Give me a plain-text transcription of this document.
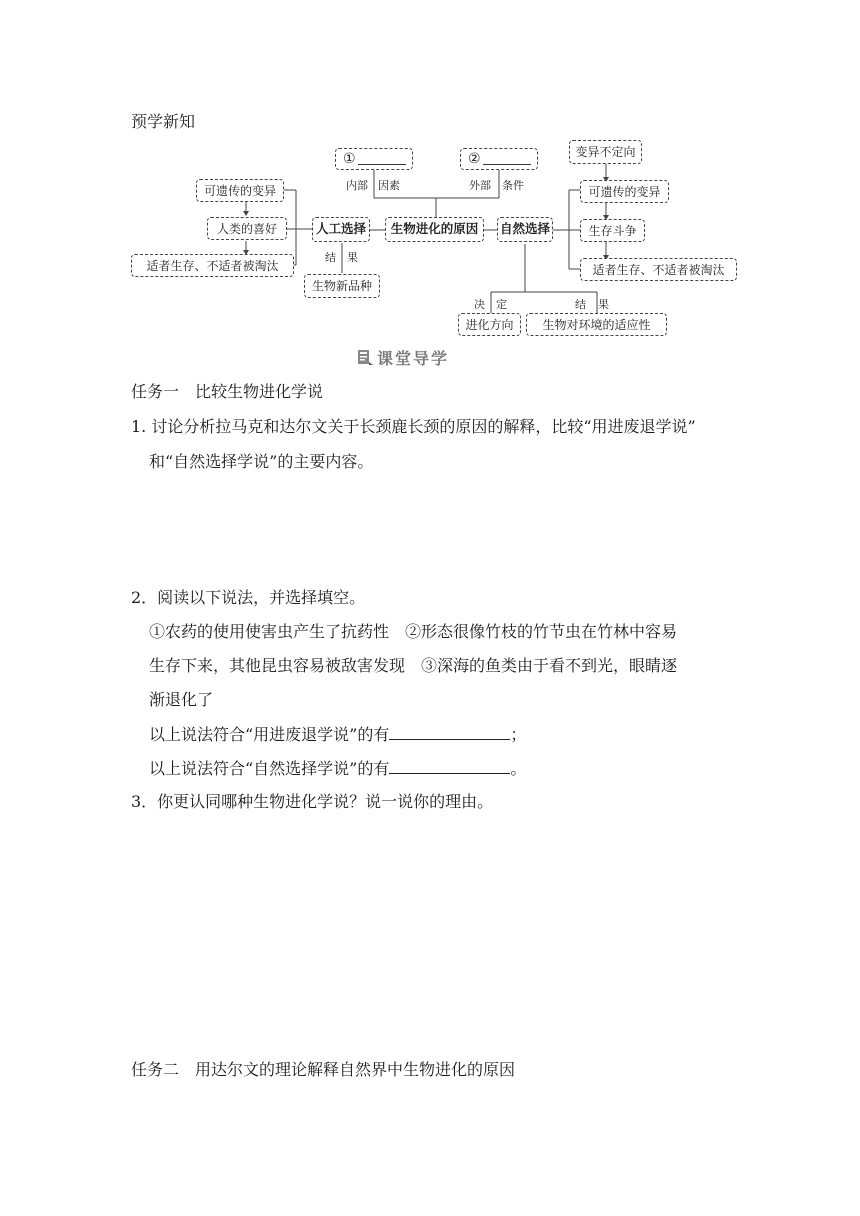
预学新知
①	②
内部 因素	外部 条件
人工选择	生物进化的原因	自然选择
可遗传的变异
人类的喜好
适者生存、不适者被淘汰
结 果
生物新品种
变异不定向
可遗传的变异
生存斗争
适者生存、不适者被淘汰
决 定	结 果
进化方向	生物对环境的适应性
课堂导学
任务一　比较生物进化学说
1. 讨论分析拉马克和达尔文关于长颈鹿长颈的原因的解释，比较“用进废退学说”
和“自然选择学说”的主要内容。
2．阅读以下说法，并选择填空。
①农药的使用使害虫产生了抗药性　②形态很像竹枝的竹节虫在竹林中容易
生存下来，其他昆虫容易被敌害发现　③深海的鱼类由于看不到光，眼睛逐
渐退化了
以上说法符合“用进废退学说”的有	；
以上说法符合“自然选择学说”的有	。
3．你更认同哪种生物进化学说？说一说你的理由。
任务二　用达尔文的理论解释自然界中生物进化的原因
